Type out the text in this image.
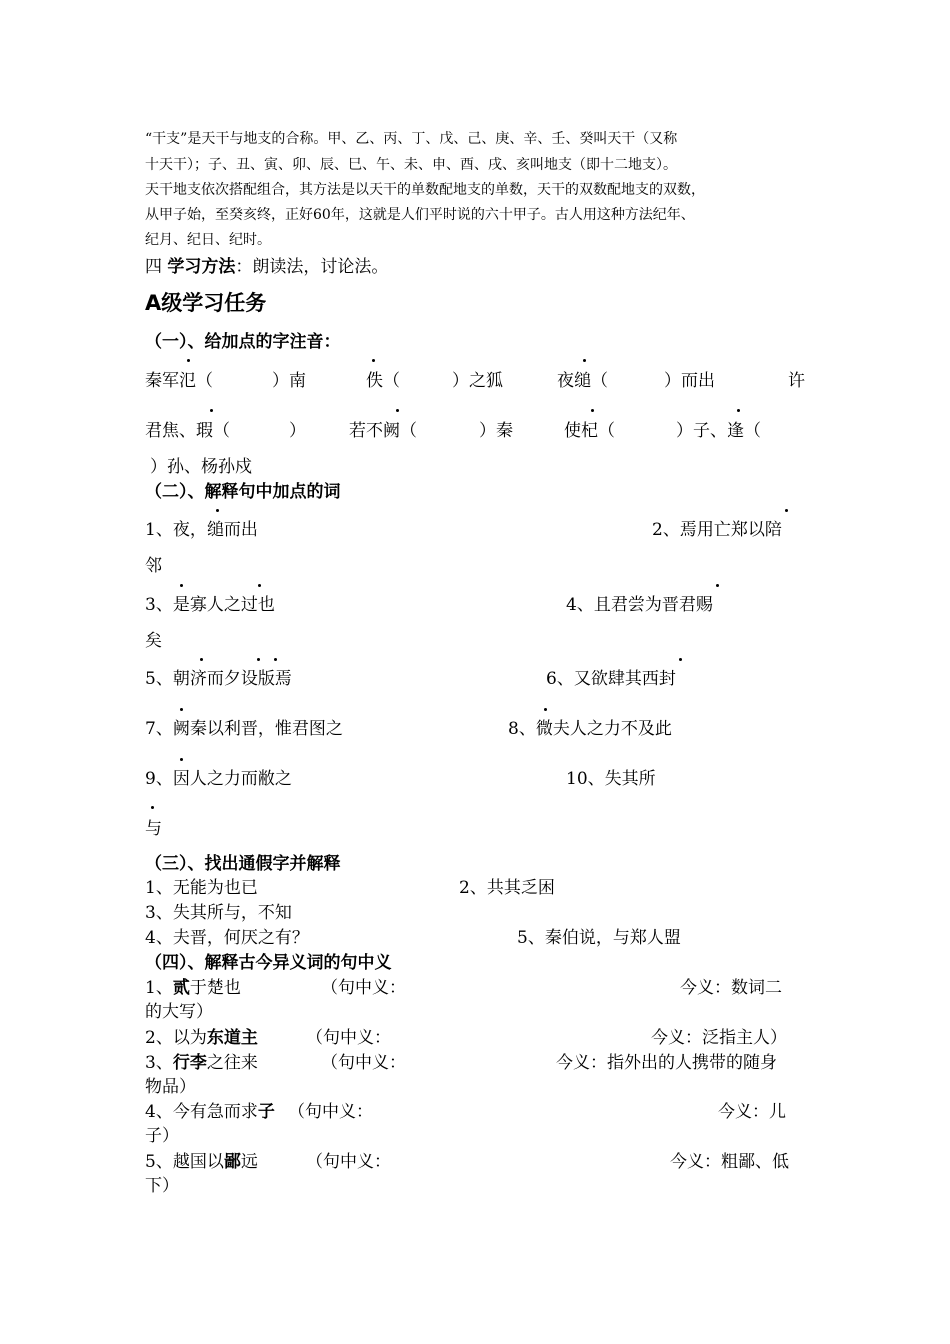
“干支”是天干与地支的合称。甲、乙、丙、丁、戊、己、庚、辛、壬、癸叫天干（又称
十天干）；子、丑、寅、卯、辰、巳、午、未、申、酉、戌、亥叫地支（即十二地支）。
天干地支依次搭配组合，其方法是以天干的单数配地支的单数，天干的双数配地支的双数，
从甲子始，至癸亥终，正好60年，这就是人们平时说的六十甲子。古人用这种方法纪年、
纪月、纪日、纪时。
四 学习方法：朗读法，讨论法。
A级学习任务
（一）、给加点的字注音：
秦军氾（	）南	佚（	）之狐	夜缒（	）而出	许
君焦、瑕（	）	若不阙（	）秦	使杞（	）子、逢（
）孙、杨孙戍
（二）、解释句中加点的词
1、夜，缒而出	2、焉用亡郑以陪
邻
3、是寡人之过也	4、且君尝为晋君赐
矣
5、朝济而夕设版焉	6、又欲肆其西封
7、阙秦以利晋，惟君图之	8、微夫人之力不及此
9、因人之力而敝之	10、失其所
与
（三）、找出通假字并解释
1、无能为也已	2、共其乏困
3、失其所与，不知
4、夫晋，何厌之有？	5、秦伯说，与郑人盟
（四）、解释古今异义词的句中义
1、贰于楚也	（句中义：	今义：数词二
的大写）
2、以为东道主	（句中义：	今义：泛指主人）
3、行李之往来	（句中义：	今义：指外出的人携带的随身
物品）
4、今有急而求子 （句中义：	今义：儿
子）
5、越国以鄙远	（句中义：	今义：粗鄙、低
下）
